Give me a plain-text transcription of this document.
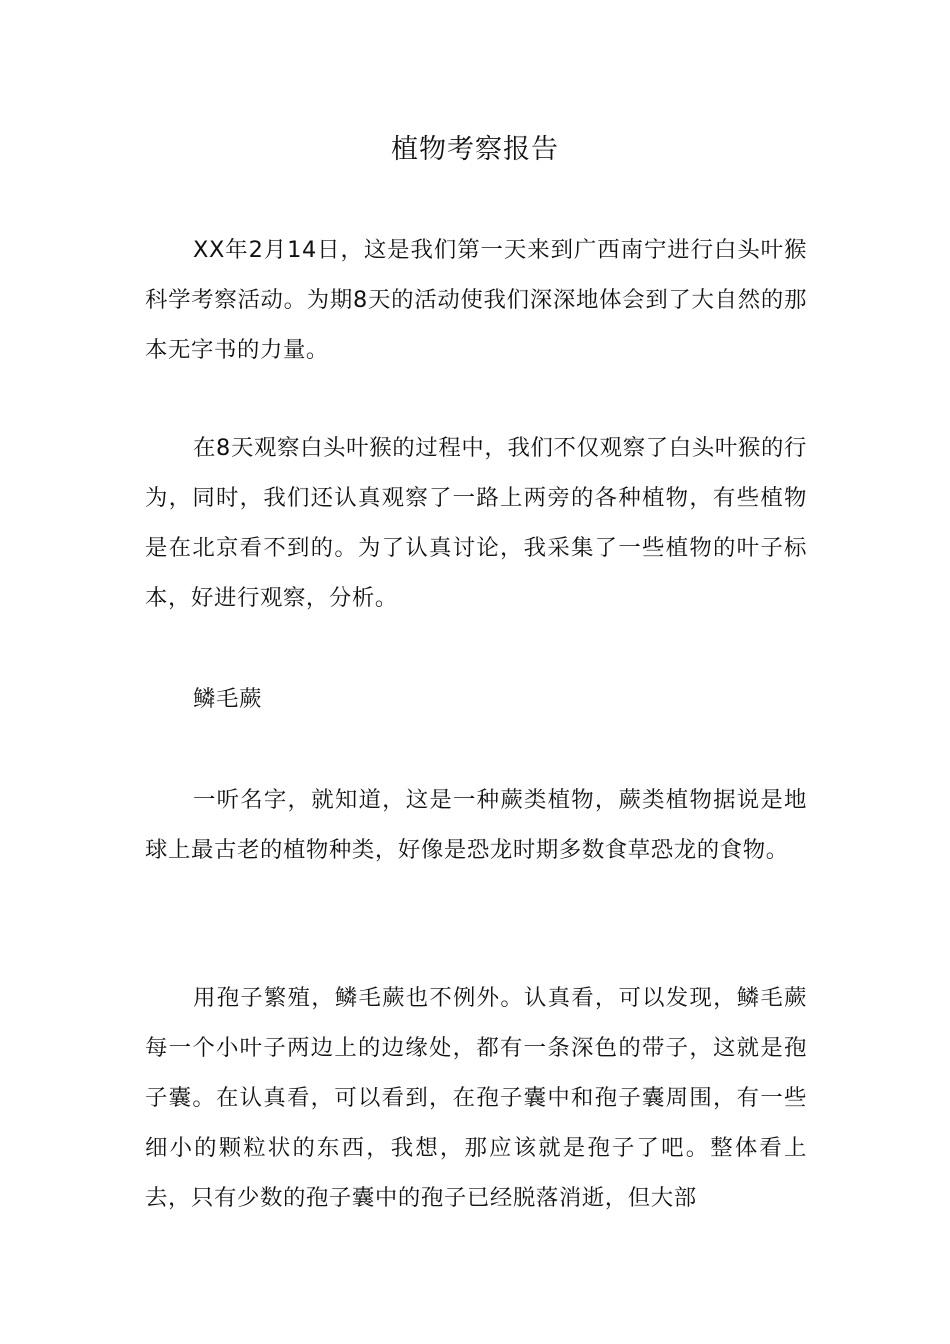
植物考察报告

XX年2月14日，这是我们第一天来到广西南宁进行白头叶猴科学考察活动。为期8天的活动使我们深深地体会到了大自然的那本无字书的力量。

在8天观察白头叶猴的过程中，我们不仅观察了白头叶猴的行为，同时，我们还认真观察了一路上两旁的各种植物，有些植物是在北京看不到的。为了认真讨论，我采集了一些植物的叶子标本，好进行观察，分析。

鳞毛蕨

一听名字，就知道，这是一种蕨类植物，蕨类植物据说是地球上最古老的植物种类，好像是恐龙时期多数食草恐龙的食物。

用孢子繁殖，鳞毛蕨也不例外。认真看，可以发现，鳞毛蕨每一个小叶子两边上的边缘处，都有一条深色的带子，这就是孢子囊。在认真看，可以看到，在孢子囊中和孢子囊周围，有一些细小的颗粒状的东西，我想，那应该就是孢子了吧。整体看上去，只有少数的孢子囊中的孢子已经脱落消逝，但大部
